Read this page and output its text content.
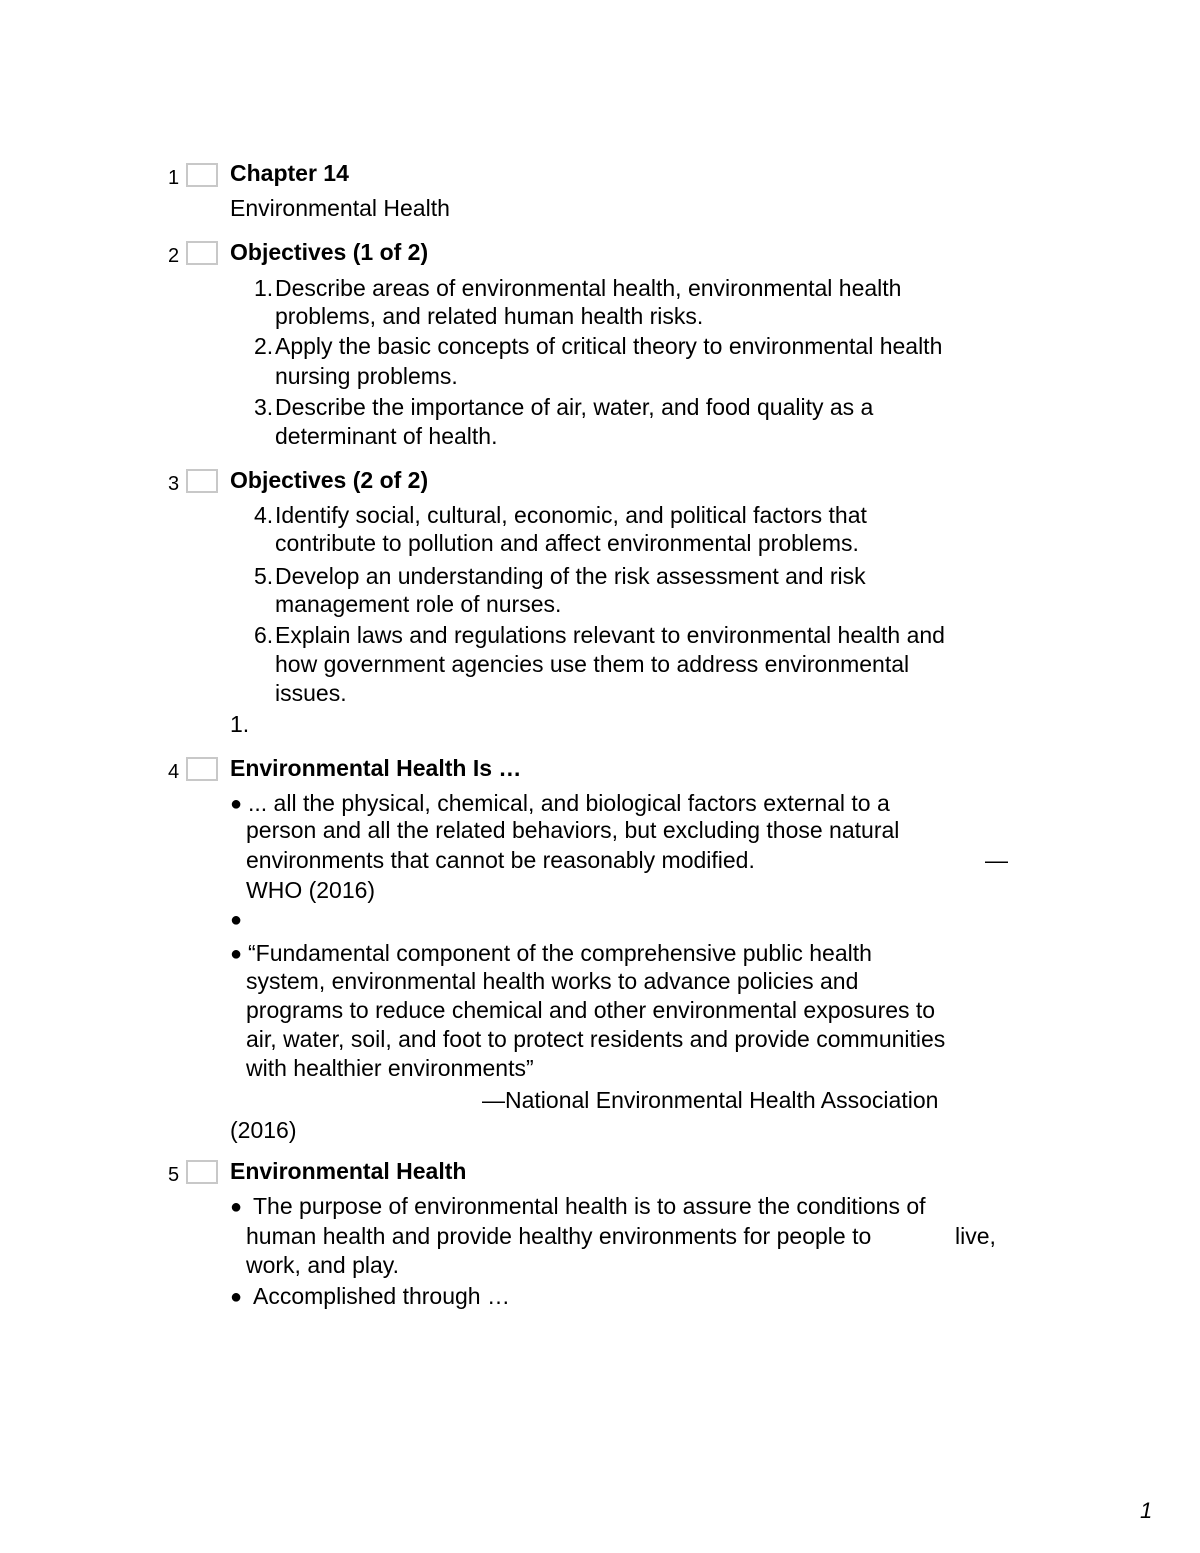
1 Chapter 14
Environmental Health
2 Objectives (1 of 2)
1. Describe areas of environmental health, environmental health
problems, and related human health risks.
2. Apply the basic concepts of critical theory to environmental health
nursing problems.
3. Describe the importance of air, water, and food quality as a
determinant of health.
3 Objectives (2 of 2)
4. Identify social, cultural, economic, and political factors that
contribute to pollution and affect environmental problems.
5. Develop an understanding of the risk assessment and risk
management role of nurses.
6. Explain laws and regulations relevant to environmental health and
how government agencies use them to address environmental
issues.
1.
4 Environmental Health Is …
● ... all the physical, chemical, and biological factors external to a
person and all the related behaviors, but excluding those natural
environments that cannot be reasonably modified.	—
WHO (2016)
●
● “Fundamental component of the comprehensive public health
system, environmental health works to advance policies and
programs to reduce chemical and other environmental exposures to
air, water, soil, and foot to protect residents and provide communities
with healthier environments”
—National Environmental Health Association
(2016)
5 Environmental Health
● The purpose of environmental health is to assure the conditions of
human health and provide healthy environments for people to	live,
work, and play.
● Accomplished through …
1
